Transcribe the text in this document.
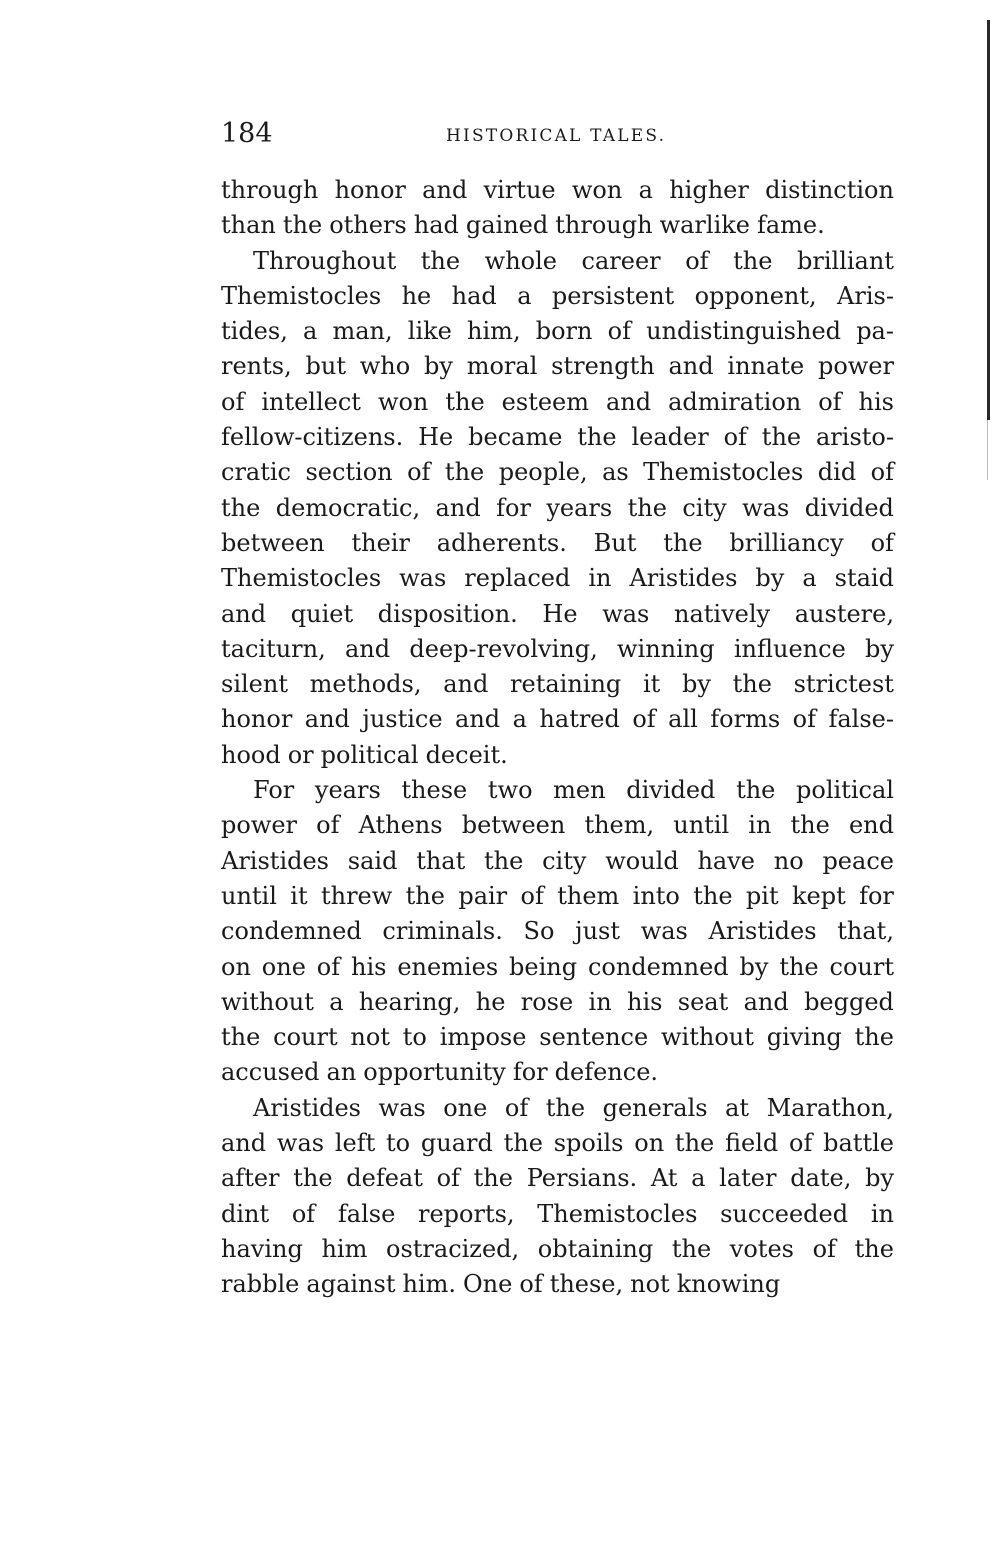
184	HISTORICAL TALES.
through honor and virtue won a higher distinction
than the others had gained through warlike fame.
Throughout the whole career of the brilliant
Themistocles he had a persistent opponent, Aris-
tides, a man, like him, born of undistinguished pa-
rents, but who by moral strength and innate power
of intellect won the esteem and admiration of his
fellow-citizens. He became the leader of the aristo-
cratic section of the people, as Themistocles did of
the democratic, and for years the city was divided
between their adherents. But the brilliancy of
Themistocles was replaced in Aristides by a staid
and quiet disposition. He was natively austere,
taciturn, and deep-revolving, winning influence by
silent methods, and retaining it by the strictest
honor and justice and a hatred of all forms of false-
hood or political deceit.
For years these two men divided the political
power of Athens between them, until in the end
Aristides said that the city would have no peace
until it threw the pair of them into the pit kept for
condemned criminals. So just was Aristides that,
on one of his enemies being condemned by the court
without a hearing, he rose in his seat and begged
the court not to impose sentence without giving the
accused an opportunity for defence.
Aristides was one of the generals at Marathon,
and was left to guard the spoils on the field of battle
after the defeat of the Persians. At a later date, by
dint of false reports, Themistocles succeeded in
having him ostracized, obtaining the votes of the
rabble against him. One of these, not knowing
